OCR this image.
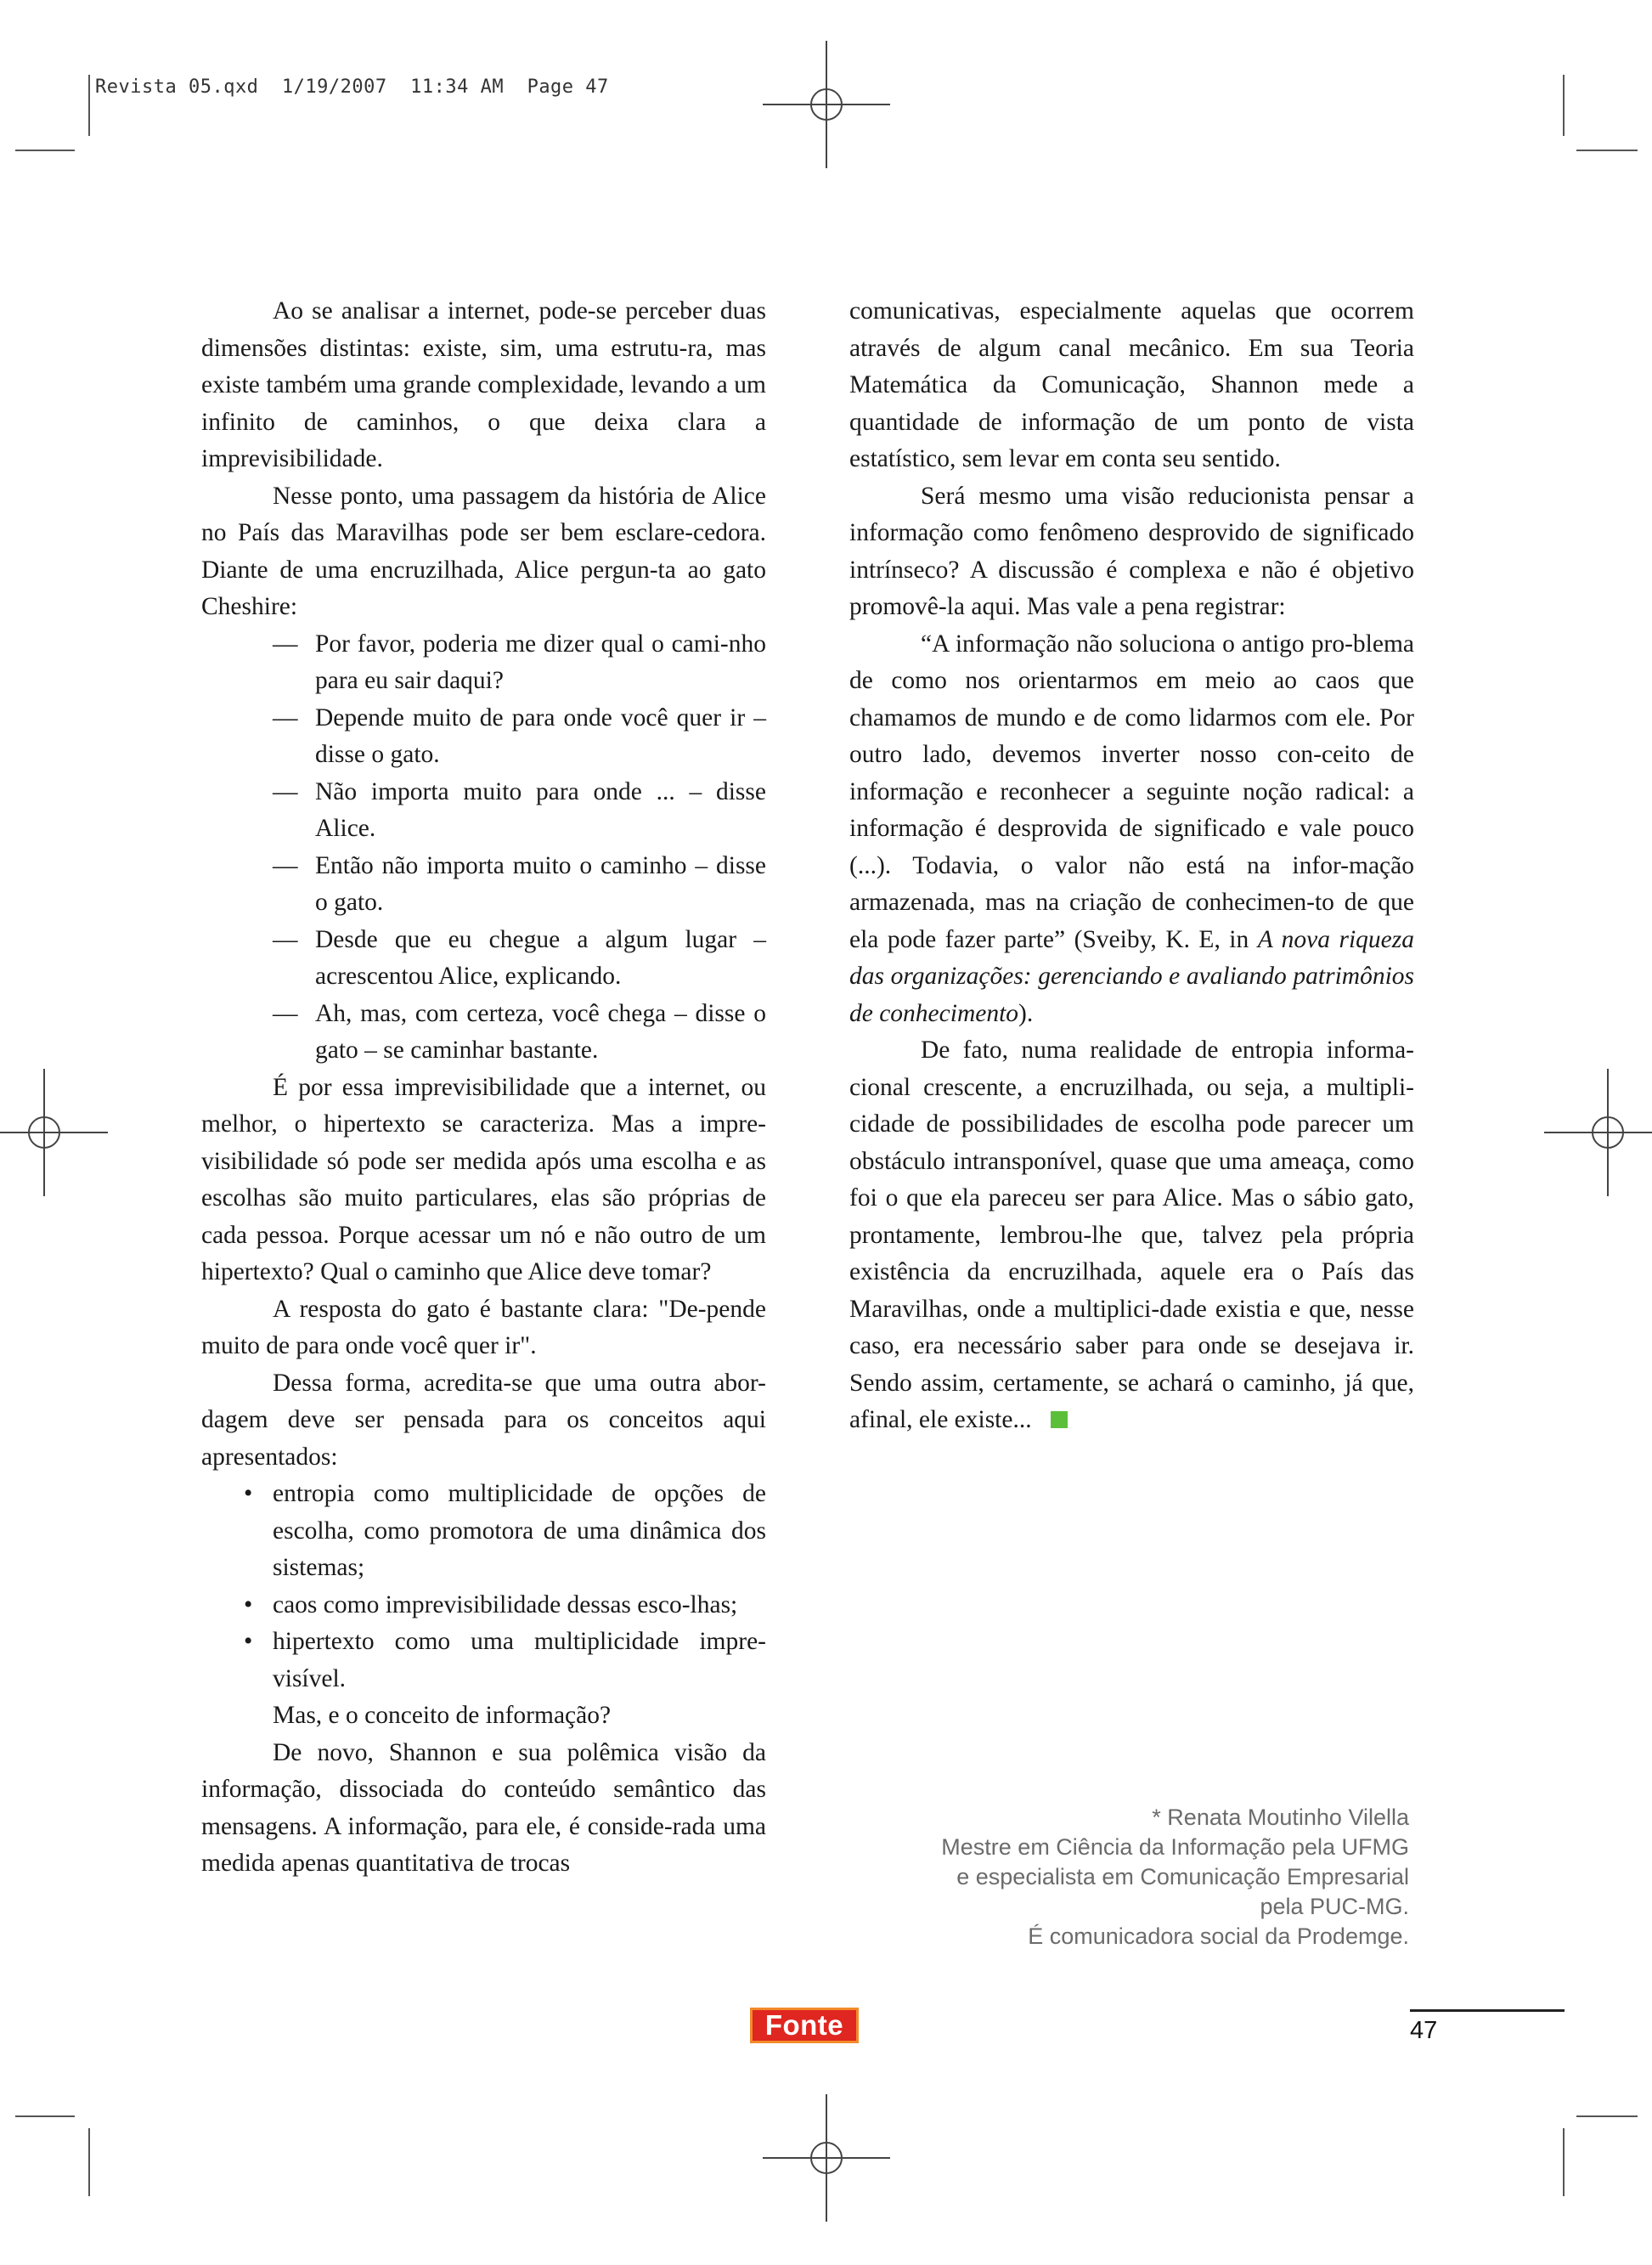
Revista 05.qxd  1/19/2007  11:34 AM  Page 47

Ao se analisar a internet, pode-se perceber duas dimensões distintas: existe, sim, uma estrutu-ra, mas existe também uma grande complexidade, levando a um infinito de caminhos, o que deixa clara a imprevisibilidade.

Nesse ponto, uma passagem da história de Alice no País das Maravilhas pode ser bem esclare-cedora. Diante de uma encruzilhada, Alice pergun-ta ao gato Cheshire:

— Por favor, poderia me dizer qual o cami-nho para eu sair daqui?
— Depende muito de para onde você quer ir – disse o gato.
— Não importa muito para onde ... – disse Alice.
— Então não importa muito o caminho – disse o gato.
— Desde que eu chegue a algum lugar – acrescentou Alice, explicando.
— Ah, mas, com certeza, você chega – disse o gato – se caminhar bastante.

É por essa imprevisibilidade que a internet, ou melhor, o hipertexto se caracteriza. Mas a impre-visibilidade só pode ser medida após uma escolha e as escolhas são muito particulares, elas são próprias de cada pessoa. Porque acessar um nó e não outro de um hipertexto? Qual o caminho que Alice deve tomar?

A resposta do gato é bastante clara: "De-pende muito de para onde você quer ir".

Dessa forma, acredita-se que uma outra abor-dagem deve ser pensada para os conceitos aqui apresentados:

• entropia como multiplicidade de opções de escolha, como promotora de uma dinâmica dos sistemas;
• caos como imprevisibilidade dessas esco-lhas;
• hipertexto como uma multiplicidade impre-visível.

Mas, e o conceito de informação?

De novo, Shannon e sua polêmica visão da informação, dissociada do conteúdo semântico das mensagens. A informação, para ele, é conside-rada uma medida apenas quantitativa de trocas

comunicativas, especialmente aquelas que ocorrem através de algum canal mecânico. Em sua Teoria Matemática da Comunicação, Shannon mede a quantidade de informação de um ponto de vista estatístico, sem levar em conta seu sentido.

Será mesmo uma visão reducionista pensar a informação como fenômeno desprovido de significado intrínseco? A discussão é complexa e não é objetivo promovê-la aqui. Mas vale a pena registrar:

“A informação não soluciona o antigo pro-blema de como nos orientarmos em meio ao caos que chamamos de mundo e de como lidarmos com ele. Por outro lado, devemos inverter nosso con-ceito de informação e reconhecer a seguinte noção radical: a informação é desprovida de significado e vale pouco (...). Todavia, o valor não está na infor-mação armazenada, mas na criação de conhecimen-to de que ela pode fazer parte” (Sveiby, K. E, in A nova riqueza das organizações: gerenciando e avaliando patrimônios de conhecimento).

De fato, numa realidade de entropia informa-cional crescente, a encruzilhada, ou seja, a multipli-cidade de possibilidades de escolha pode parecer um obstáculo intransponível, quase que uma ameaça, como foi o que ela pareceu ser para Alice. Mas o sábio gato, prontamente, lembrou-lhe que, talvez pela própria existência da encruzilhada, aquele era o País das Maravilhas, onde a multiplici-dade existia e que, nesse caso, era necessário saber para onde se desejava ir. Sendo assim, certamente, se achará o caminho, já que, afinal, ele existe...

* Renata Moutinho Vilella
Mestre em Ciência da Informação pela UFMG
e especialista em Comunicação Empresarial
pela PUC-MG.
É comunicadora social da Prodemge.
Fonte	47
